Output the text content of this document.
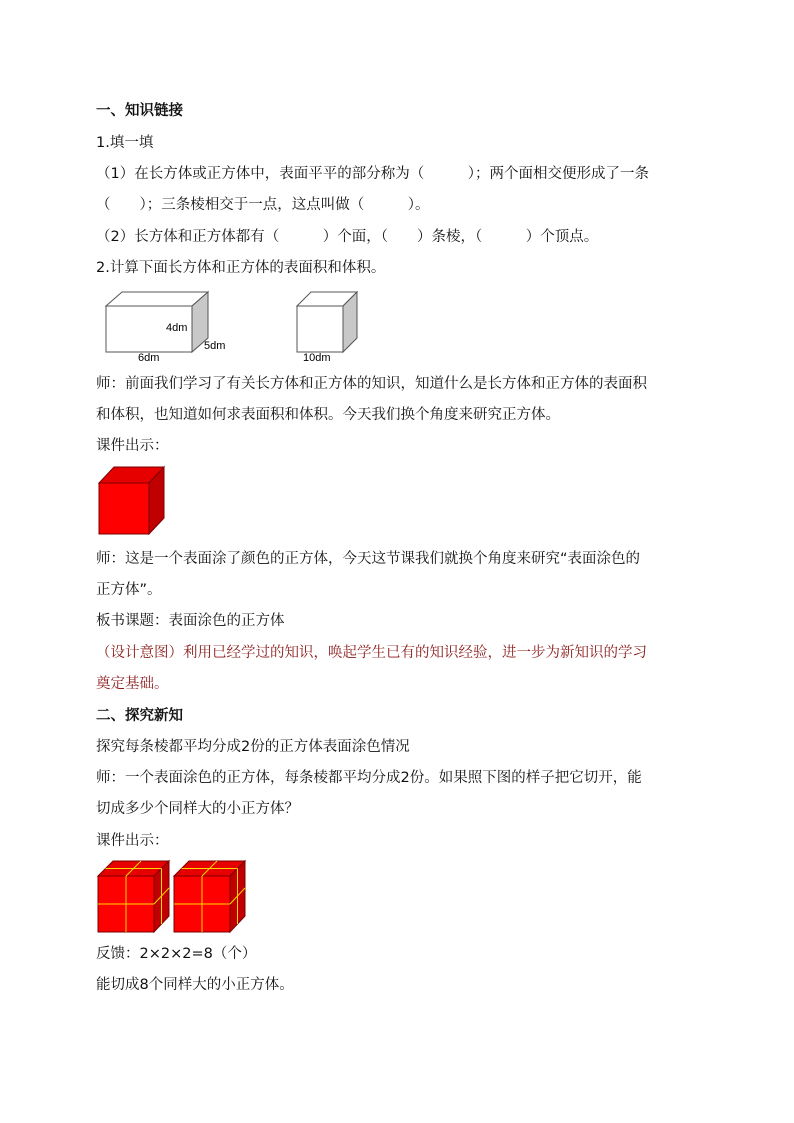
一、知识链接
1.填一填
（1）在长方体或正方体中，表面平平的部分称为（　　　）；两个面相交便形成了一条
（　　）；三条棱相交于一点，这点叫做（　　　）。
（2）长方体和正方体都有（　　　）个面，（　　）条棱，（　　　）个顶点。
2.计算下面长方体和正方体的表面积和体积。
4dm
5dm
6dm	10dm
师：前面我们学习了有关长方体和正方体的知识，知道什么是长方体和正方体的表面积
和体积，也知道如何求表面积和体积。今天我们换个角度来研究正方体。
课件出示：
师：这是一个表面涂了颜色的正方体，今天这节课我们就换个角度来研究“表面涂色的
正方体”。
板书课题：表面涂色的正方体
（设计意图）利用已经学过的知识，唤起学生已有的知识经验，进一步为新知识的学习
奠定基础。
二、探究新知
探究每条棱都平均分成2份的正方体表面涂色情况
师：一个表面涂色的正方体，每条棱都平均分成2份。如果照下图的样子把它切开，能
切成多少个同样大的小正方体？
课件出示：
反馈：2×2×2=8（个）
能切成8个同样大的小正方体。
